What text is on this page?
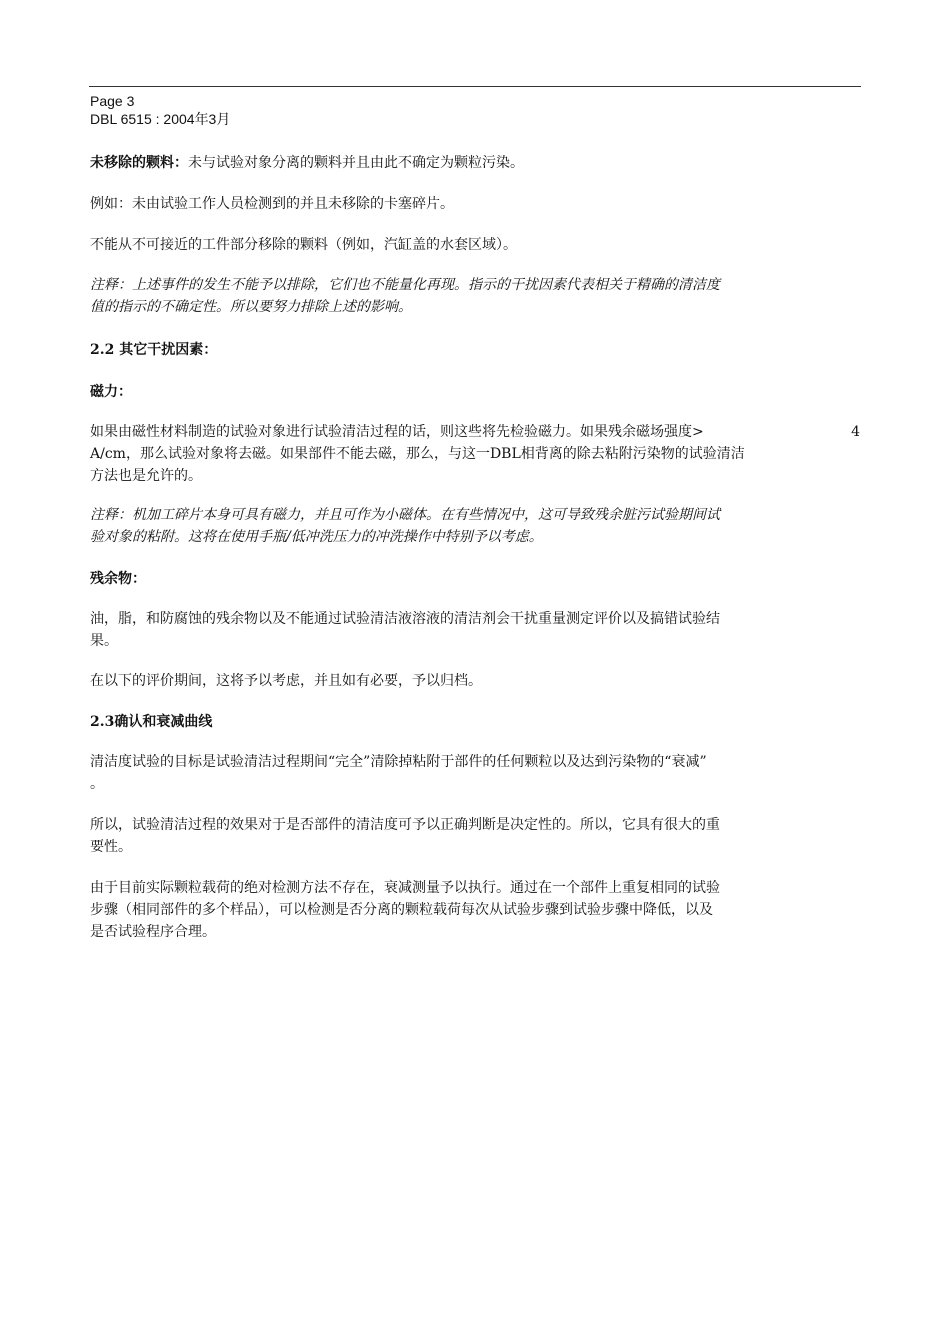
Page 3
DBL 6515 : 2004年3月

未移除的颗料：未与试验对象分离的颗料并且由此不确定为颗粒污染。

例如：未由试验工作人员检测到的并且未移除的卡塞碎片。

不能从不可接近的工件部分移除的颗料（例如，汽缸盖的水套区域）。

注释：上述事件的发生不能予以排除，它们也不能量化再现。指示的干扰因素代表相关于精确的清洁度
值的指示的不确定性。所以要努力排除上述的影响。

2.2 其它干扰因素：

磁力：

如果由磁性材料制造的试验对象进行试验清洁过程的话，则这些将先检验磁力。如果残余磁场强度>	4
A/cm，那么试验对象将去磁。如果部件不能去磁，那么，与这一DBL相背离的除去粘附污染物的试验清洁
方法也是允许的。
注释：机加工碎片本身可具有磁力，并且可作为小磁体。在有些情况中，这可导致残余脏污试验期间试
验对象的粘附。这将在使用手瓶/低冲洗压力的冲洗操作中特别予以考虑。

残余物：

油，脂，和防腐蚀的残余物以及不能通过试验清洁液溶液的清洁剂会干扰重量测定评价以及搞错试验结
果。

在以下的评价期间，这将予以考虑，并且如有必要，予以归档。

2.3确认和衰减曲线

清洁度试验的目标是试验清洁过程期间“完全”清除掉粘附于部件的任何颗粒以及达到污染物的“衰减”
。
所以，试验清洁过程的效果对于是否部件的清洁度可予以正确判断是决定性的。所以，它具有很大的重
要性。
由于目前实际颗粒载荷的绝对检测方法不存在，衰减测量予以执行。通过在一个部件上重复相同的试验
步骤（相同部件的多个样品），可以检测是否分离的颗粒载荷每次从试验步骤到试验步骤中降低，以及
是否试验程序合理。
